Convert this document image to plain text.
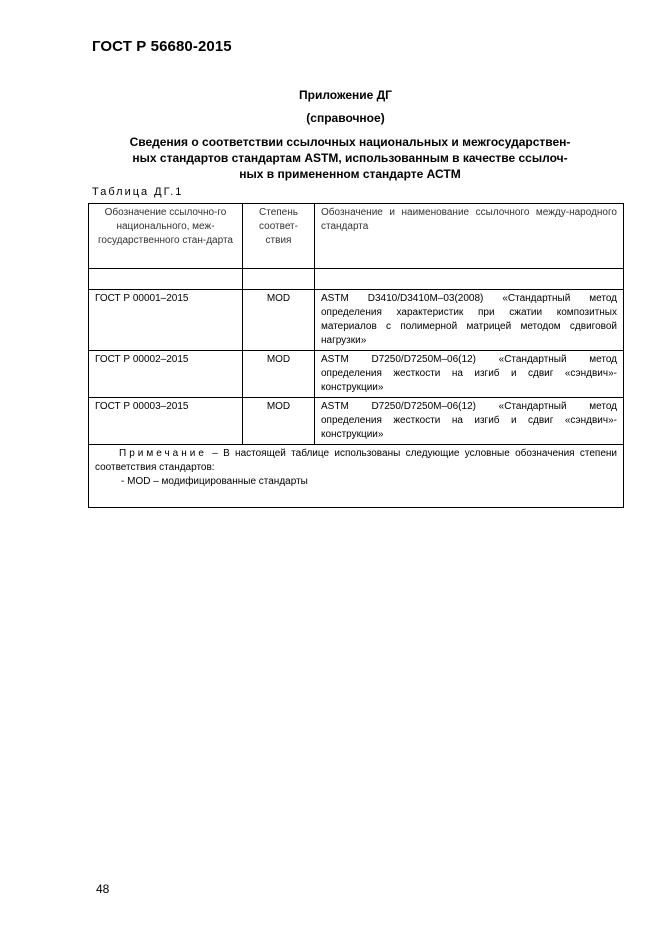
ГОСТ Р 56680-2015
Приложение ДГ
(справочное)
Сведения о соответствии ссылочных национальных и межгосударствен-
ных стандартов стандартам ASTM, использованным в качестве ссылоч-
ных в примененном стандарте АСТМ
Таблица ДГ.1
Обозначение ссылочно-го национального, меж-государственного стан-дарта	Степень соответ-ствия	Обозначение и наименование ссылочного между-народного стандарта

ГОСТ Р 00001–2015	MOD	ASTM D3410/D3410M–03(2008) «Стандартный метод определения характеристик при сжатии композитных материалов с полимерной матрицей методом сдвиговой нагрузки»
ГОСТ Р 00002–2015	MOD	ASTM D7250/D7250M–06(12) «Стандартный метод определения жесткости на изгиб и сдвиг «сэндвич»-конструкции»
ГОСТ Р 00003–2015	MOD	ASTM D7250/D7250M–06(12) «Стандартный метод определения жесткости на изгиб и сдвиг «сэндвич»-конструкции»
Примечание – В настоящей таблице использованы следующие условные обозначения степени соответствия стандартов:
- MOD – модифицированные стандарты		
48
